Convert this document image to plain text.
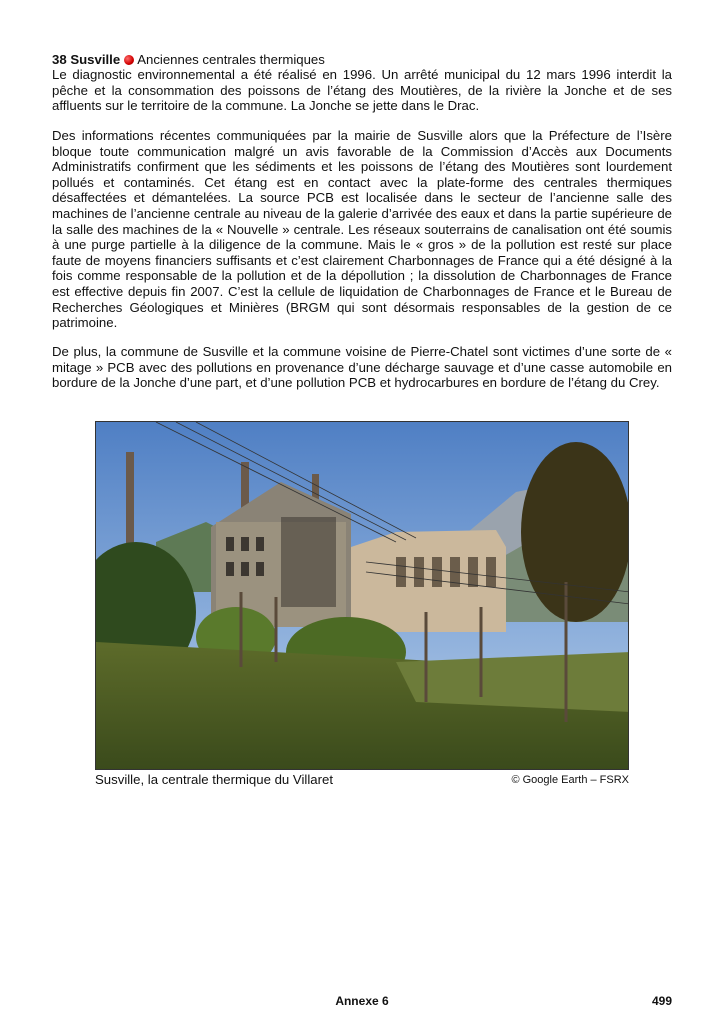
38 Susville Anciennes centrales thermiques

Le diagnostic environnemental a été réalisé en 1996. Un arrêté municipal du 12 mars 1996 interdit la pêche et la consommation des poissons de l’étang des Moutières, de la rivière la Jonche et de ses affluents sur le territoire de la commune. La Jonche se jette dans le Drac.

Des informations récentes communiquées par la mairie de Susville alors que la Préfecture de l’Isère bloque toute communication malgré un avis favorable de la Commission d’Accès aux Documents Administratifs confirment que les sédiments et les poissons de l’étang des Moutières sont lourdement pollués et contaminés. Cet étang est en contact avec la plate-forme des centrales thermiques désaffectées et démantelées. La source PCB est localisée dans le secteur de l’ancienne salle des machines de l’ancienne centrale au niveau de la galerie d’arrivée des eaux et dans la partie supérieure de la salle des machines de la « Nouvelle » centrale. Les réseaux souterrains de canalisation ont été soumis à une purge partielle à la diligence de la commune. Mais le « gros » de la pollution est resté sur place faute de moyens financiers suffisants et c’est clairement Charbonnages de France qui a été désigné à la fois comme responsable de la pollution et de la dépollution ; la dissolution de Charbonnages de France est effective depuis fin 2007. C’est la cellule de liquidation de Charbonnages de France et le Bureau de Recherches Géologiques et Minières (BRGM qui sont désormais responsables de la gestion de ce patrimoine.

De plus, la commune de Susville et la commune voisine de Pierre-Chatel sont victimes d’une sorte de « mitage » PCB avec des pollutions en provenance d’une décharge sauvage et d’une casse automobile en bordure de la Jonche d’une part, et d’une pollution PCB et hydrocarbures en bordure de l’étang du Crey.

Susville, la centrale thermique du Villaret	© Google Earth – FSRX
Annexe 6	499
